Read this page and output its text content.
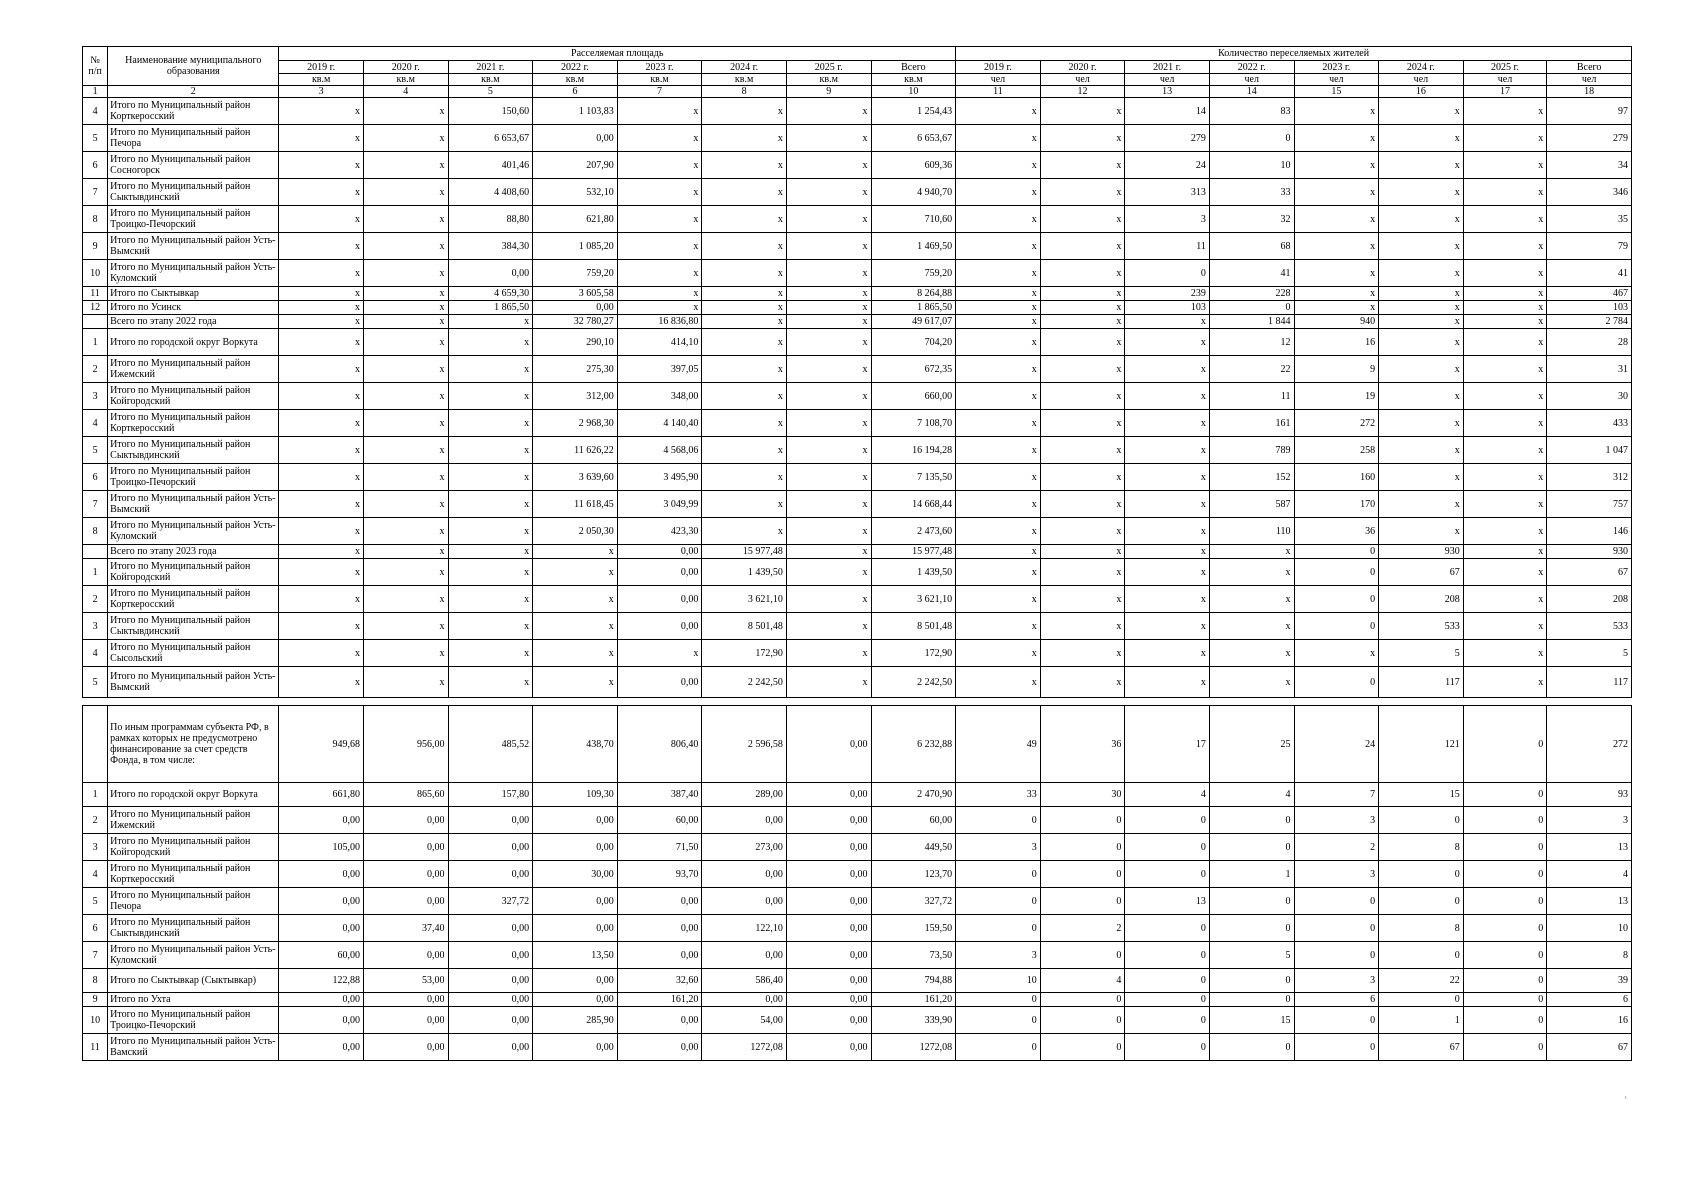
№ п/п	Наименование муниципального образования	Расселяемая площадь								Количество переселяемых жителей							
		2019 г.	2020 г.	2021 г.	2022 г.	2023 г.	2024 г.	2025 г.	Всего	2019 г.	2020 г.	2021 г.	2022 г.	2023 г.	2024 г.	2025 г.	Всего
		кв.м	кв.м	кв.м	кв.м	кв.м	кв.м	кв.м	кв.м	чел	чел	чел	чел	чел	чел	чел	чел
1	2	3	4	5	6	7	8	9	10	11	12	13	14	15	16	17	18
4	Итого по Муниципальный район Корткеросский	x	x	150,60	1 103,83	x	x	x	1 254,43	x	x	14	83	x	x	x	97
5	Итого по Муниципальный район Печора	x	x	6 653,67	0,00	x	x	x	6 653,67	x	x	279	0	x	x	x	279
6	Итого по Муниципальный район Сосногорск	x	x	401,46	207,90	x	x	x	609,36	x	x	24	10	x	x	x	34
7	Итого по Муниципальный район Сыктывдинский	x	x	4 408,60	532,10	x	x	x	4 940,70	x	x	313	33	x	x	x	346
8	Итого по Муниципальный район Троицко-Печорский	x	x	88,80	621,80	x	x	x	710,60	x	x	3	32	x	x	x	35
9	Итого по Муниципальный район Усть-Вымский	x	x	384,30	1 085,20	x	x	x	1 469,50	x	x	11	68	x	x	x	79
10	Итого по Муниципальный район Усть-Куломский	x	x	0,00	759,20	x	x	x	759,20	x	x	0	41	x	x	x	41
11	Итого по Сыктывкар	x	x	4 659,30	3 605,58	x	x	x	8 264,88	x	x	239	228	x	x	x	467
12	Итого по Усинск	x	x	1 865,50	0,00	x	x	x	1 865,50	x	x	103	0	x	x	x	103
	Всего по этапу 2022 года	x	x	x	32 780,27	16 836,80	x	x	49 617,07	x	x	x	1 844	940	x	x	2 784
1	Итого по городской округ Воркута	x	x	x	290,10	414,10	x	x	704,20	x	x	x	12	16	x	x	28
2	Итого по Муниципальный район Ижемский	x	x	x	275,30	397,05	x	x	672,35	x	x	x	22	9	x	x	31
3	Итого по Муниципальный район Койгородский	x	x	x	312,00	348,00	x	x	660,00	x	x	x	11	19	x	x	30
4	Итого по Муниципальный район Корткеросский	x	x	x	2 968,30	4 140,40	x	x	7 108,70	x	x	x	161	272	x	x	433
5	Итого по Муниципальный район Сыктывдинский	x	x	x	11 626,22	4 568,06	x	x	16 194,28	x	x	x	789	258	x	x	1 047
6	Итого по Муниципальный район Троицко-Печорский	x	x	x	3 639,60	3 495,90	x	x	7 135,50	x	x	x	152	160	x	x	312
7	Итого по Муниципальный район Усть-Вымский	x	x	x	11 618,45	3 049,99	x	x	14 668,44	x	x	x	587	170	x	x	757
8	Итого по Муниципальный район Усть-Куломский	x	x	x	2 050,30	423,30	x	x	2 473,60	x	x	x	110	36	x	x	146
	Всего по этапу 2023 года	x	x	x	x	0,00	15 977,48	x	15 977,48	x	x	x	x	0	930	x	930
1	Итого по Муниципальный район Койгородский	x	x	x	x	0,00	1 439,50	x	1 439,50	x	x	x	x	0	67	x	67
2	Итого по Муниципальный район Корткеросский	x	x	x	x	0,00	3 621,10	x	3 621,10	x	x	x	x	0	208	x	208
3	Итого по Муниципальный район Сыктывдинский	x	x	x	x	0,00	8 501,48	x	8 501,48	x	x	x	x	0	533	x	533
4	Итого по Муниципальный район Сысольский	x	x	x	x	x	172,90	x	172,90	x	x	x	x	x	5	x	5
5	Итого по Муниципальный район Усть-Вымский	x	x	x	x	0,00	2 242,50	x	2 242,50	x	x	x	x	0	117	x	117

	По иным программам субъекта РФ, в рамках которых не предусмотрено финансирование за счет средств Фонда, в том числе:	949,68	956,00	485,52	438,70	806,40	2 596,58	0,00	6 232,88	49	36	17	25	24	121	0	272
1	Итого по городской округ Воркута	661,80	865,60	157,80	109,30	387,40	289,00	0,00	2 470,90	33	30	4	4	7	15	0	93
2	Итого по Муниципальный район Ижемский	0,00	0,00	0,00	0,00	60,00	0,00	0,00	60,00	0	0	0	0	3	0	0	3
3	Итого по Муниципальный район Койгородский	105,00	0,00	0,00	0,00	71,50	273,00	0,00	449,50	3	0	0	0	2	8	0	13
4	Итого по Муниципальный район Корткеросский	0,00	0,00	0,00	30,00	93,70	0,00	0,00	123,70	0	0	0	1	3	0	0	4
5	Итого по Муниципальный район Печора	0,00	0,00	327,72	0,00	0,00	0,00	0,00	327,72	0	0	13	0	0	0	0	13
6	Итого по Муниципальный район Сыктывдинский	0,00	37,40	0,00	0,00	0,00	122,10	0,00	159,50	0	2	0	0	0	8	0	10
7	Итого по Муниципальный район Усть-Куломский	60,00	0,00	0,00	13,50	0,00	0,00	0,00	73,50	3	0	0	5	0	0	0	8
8	Итого по Сыктывкар (Сыктывкар)	122,88	53,00	0,00	0,00	32,60	586,40	0,00	794,88	10	4	0	0	3	22	0	39
9	Итого по Ухта	0,00	0,00	0,00	0,00	161,20	0,00	0,00	161,20	0	0	0	0	6	0	0	6
10	Итого по Муниципальный район Троицко-Печорский	0,00	0,00	0,00	285,90	0,00	54,00	0,00	339,90	0	0	0	15	0	1	0	16
11	Итого по Муниципальный район Усть-Вамский	0,00	0,00	0,00	0,00	0,00	1272,08	0,00	1272,08	0	0	0	0	0	67	0	67
'
